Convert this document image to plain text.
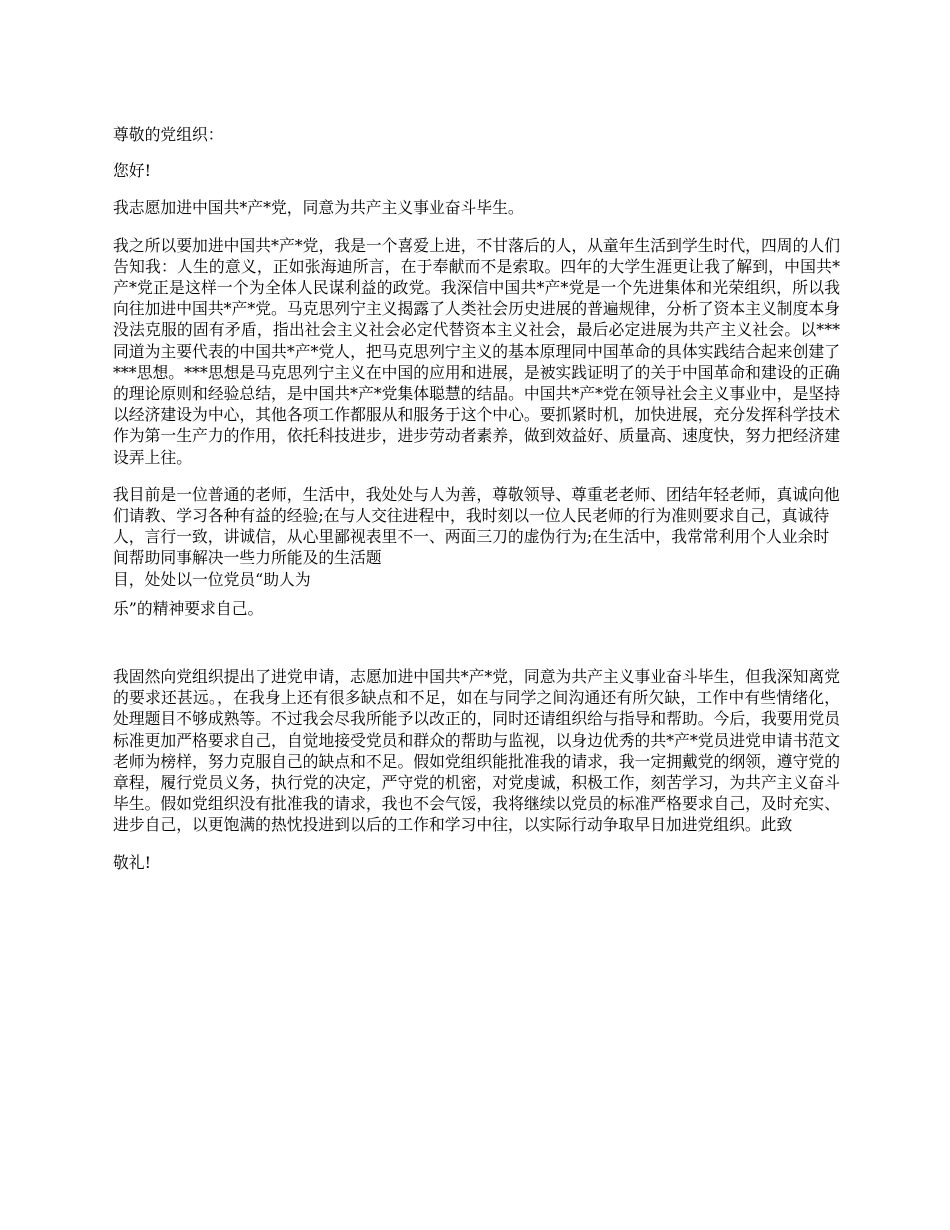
尊敬的党组织：

您好!

我志愿加进中国共*产*党，同意为共产主义事业奋斗毕生。

我之所以要加进中国共*产*党，我是一个喜爱上进，不甘落后的人，从童年生活到学生时代，四周的人们告知我：人生的意义，正如张海迪所言，在于奉献而不是索取。四年的大学生涯更让我了解到，中国共*产*党正是这样一个为全体人民谋利益的政党。我深信中国共*产*党是一个先进集体和光荣组织，所以我向往加进中国共*产*党。马克思列宁主义揭露了人类社会历史进展的普遍规律，分析了资本主义制度本身没法克服的固有矛盾，指出社会主义社会必定代替资本主义社会，最后必定进展为共产主义社会。以***同道为主要代表的中国共*产*党人，把马克思列宁主义的基本原理同中国革命的具体实践结合起来创建了***思想。***思想是马克思列宁主义在中国的应用和进展，是被实践证明了的关于中国革命和建设的正确的理论原则和经验总结，是中国共*产*党集体聪慧的结晶。中国共*产*党在领导社会主义事业中，是坚持以经济建设为中心，其他各项工作都服从和服务于这个中心。要抓紧时机，加快进展，充分发挥科学技术作为第一生产力的作用，依托科技进步，进步劳动者素养，做到效益好、质量高、速度快，努力把经济建设弄上往。

我目前是一位普通的老师，生活中，我处处与人为善，尊敬领导、尊重老老师、团结年轻老师，真诚向他们请教、学习各种有益的经验;在与人交往进程中，我时刻以一位人民老师的行为准则要求自己，真诚待人，言行一致，讲诚信，从心里鄙视表里不一、两面三刀的虚伪行为;在生活中，我常常利用个人业余时间帮助同事解决一些力所能及的生活题
目，处处以一位党员“助人为

乐”的精神要求自己。

我固然向党组织提出了进党申请，志愿加进中国共*产*党，同意为共产主义事业奋斗毕生，但我深知离党的要求还甚远。，在我身上还有很多缺点和不足，如在与同学之间沟通还有所欠缺，工作中有些情绪化，处理题目不够成熟等。不过我会尽我所能予以改正的，同时还请组织给与指导和帮助。今后，我要用党员标准更加严格要求自己，自觉地接受党员和群众的帮助与监视，以身边优秀的共*产*党员进党申请书范文老师为榜样，努力克服自己的缺点和不足。假如党组织能批准我的请求，我一定拥戴党的纲领，遵守党的章程，履行党员义务，执行党的决定，严守党的机密，对党虔诚，积极工作，刻苦学习，为共产主义奋斗毕生。假如党组织没有批准我的请求，我也不会气馁，我将继续以党员的标准严格要求自己，及时充实、进步自己，以更饱满的热忱投进到以后的工作和学习中往，以实际行动争取早日加进党组织。此致

敬礼!
